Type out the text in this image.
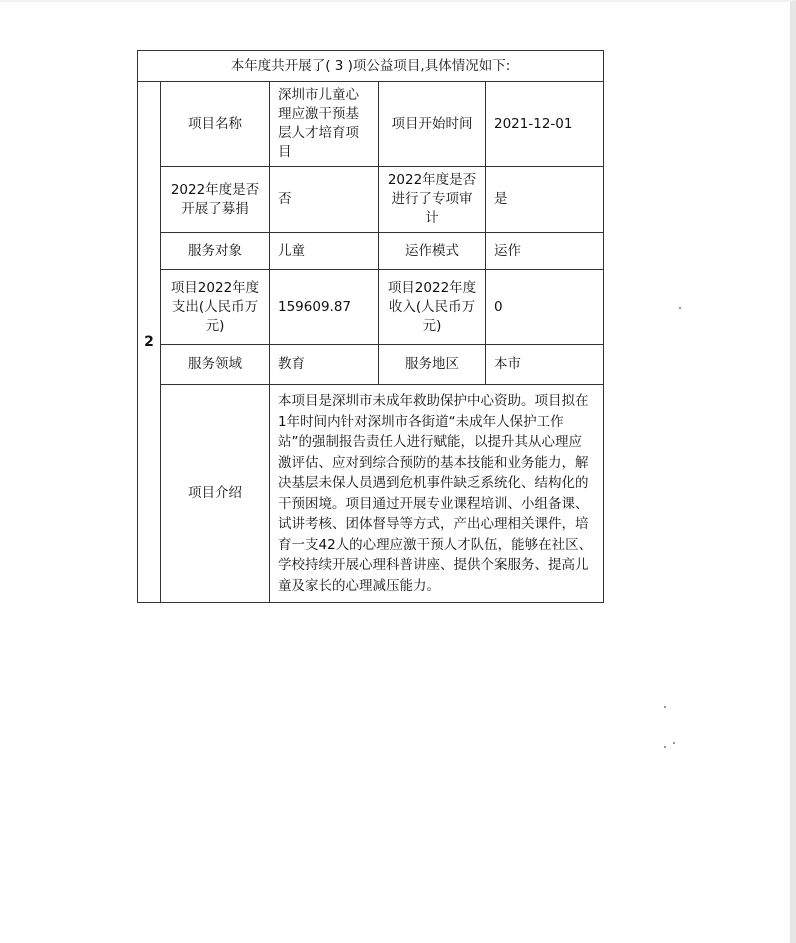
本年度共开展了( 3 )项公益项目,具体情况如下:				
2	项目名称	深圳市儿童心理应激干预基层人才培育项目	项目开始时间	2021-12-01
	2022年度是否开展了募捐	否	2022年度是否进行了专项审计	是
	服务对象	儿童	运作模式	运作
	项目2022年度支出(人民币万元)	159609.87	项目2022年度收入(人民币万元)	0
	服务领域	教育	服务地区	本市
	项目介绍	本项目是深圳市未成年救助保护中心资助。项目拟在1年时间内针对深圳市各街道“未成年人保护工作站”的强制报告责任人进行赋能，以提升其从心理应激评估、应对到综合预防的基本技能和业务能力，解决基层未保人员遇到危机事件缺乏系统化、结构化的干预困境。项目通过开展专业课程培训、小组备课、试讲考核、团体督导等方式，产出心理相关课件，培育一支42人的心理应激干预人才队伍，能够在社区、学校持续开展心理科普讲座、提供个案服务、提高儿童及家长的心理减压能力。		
